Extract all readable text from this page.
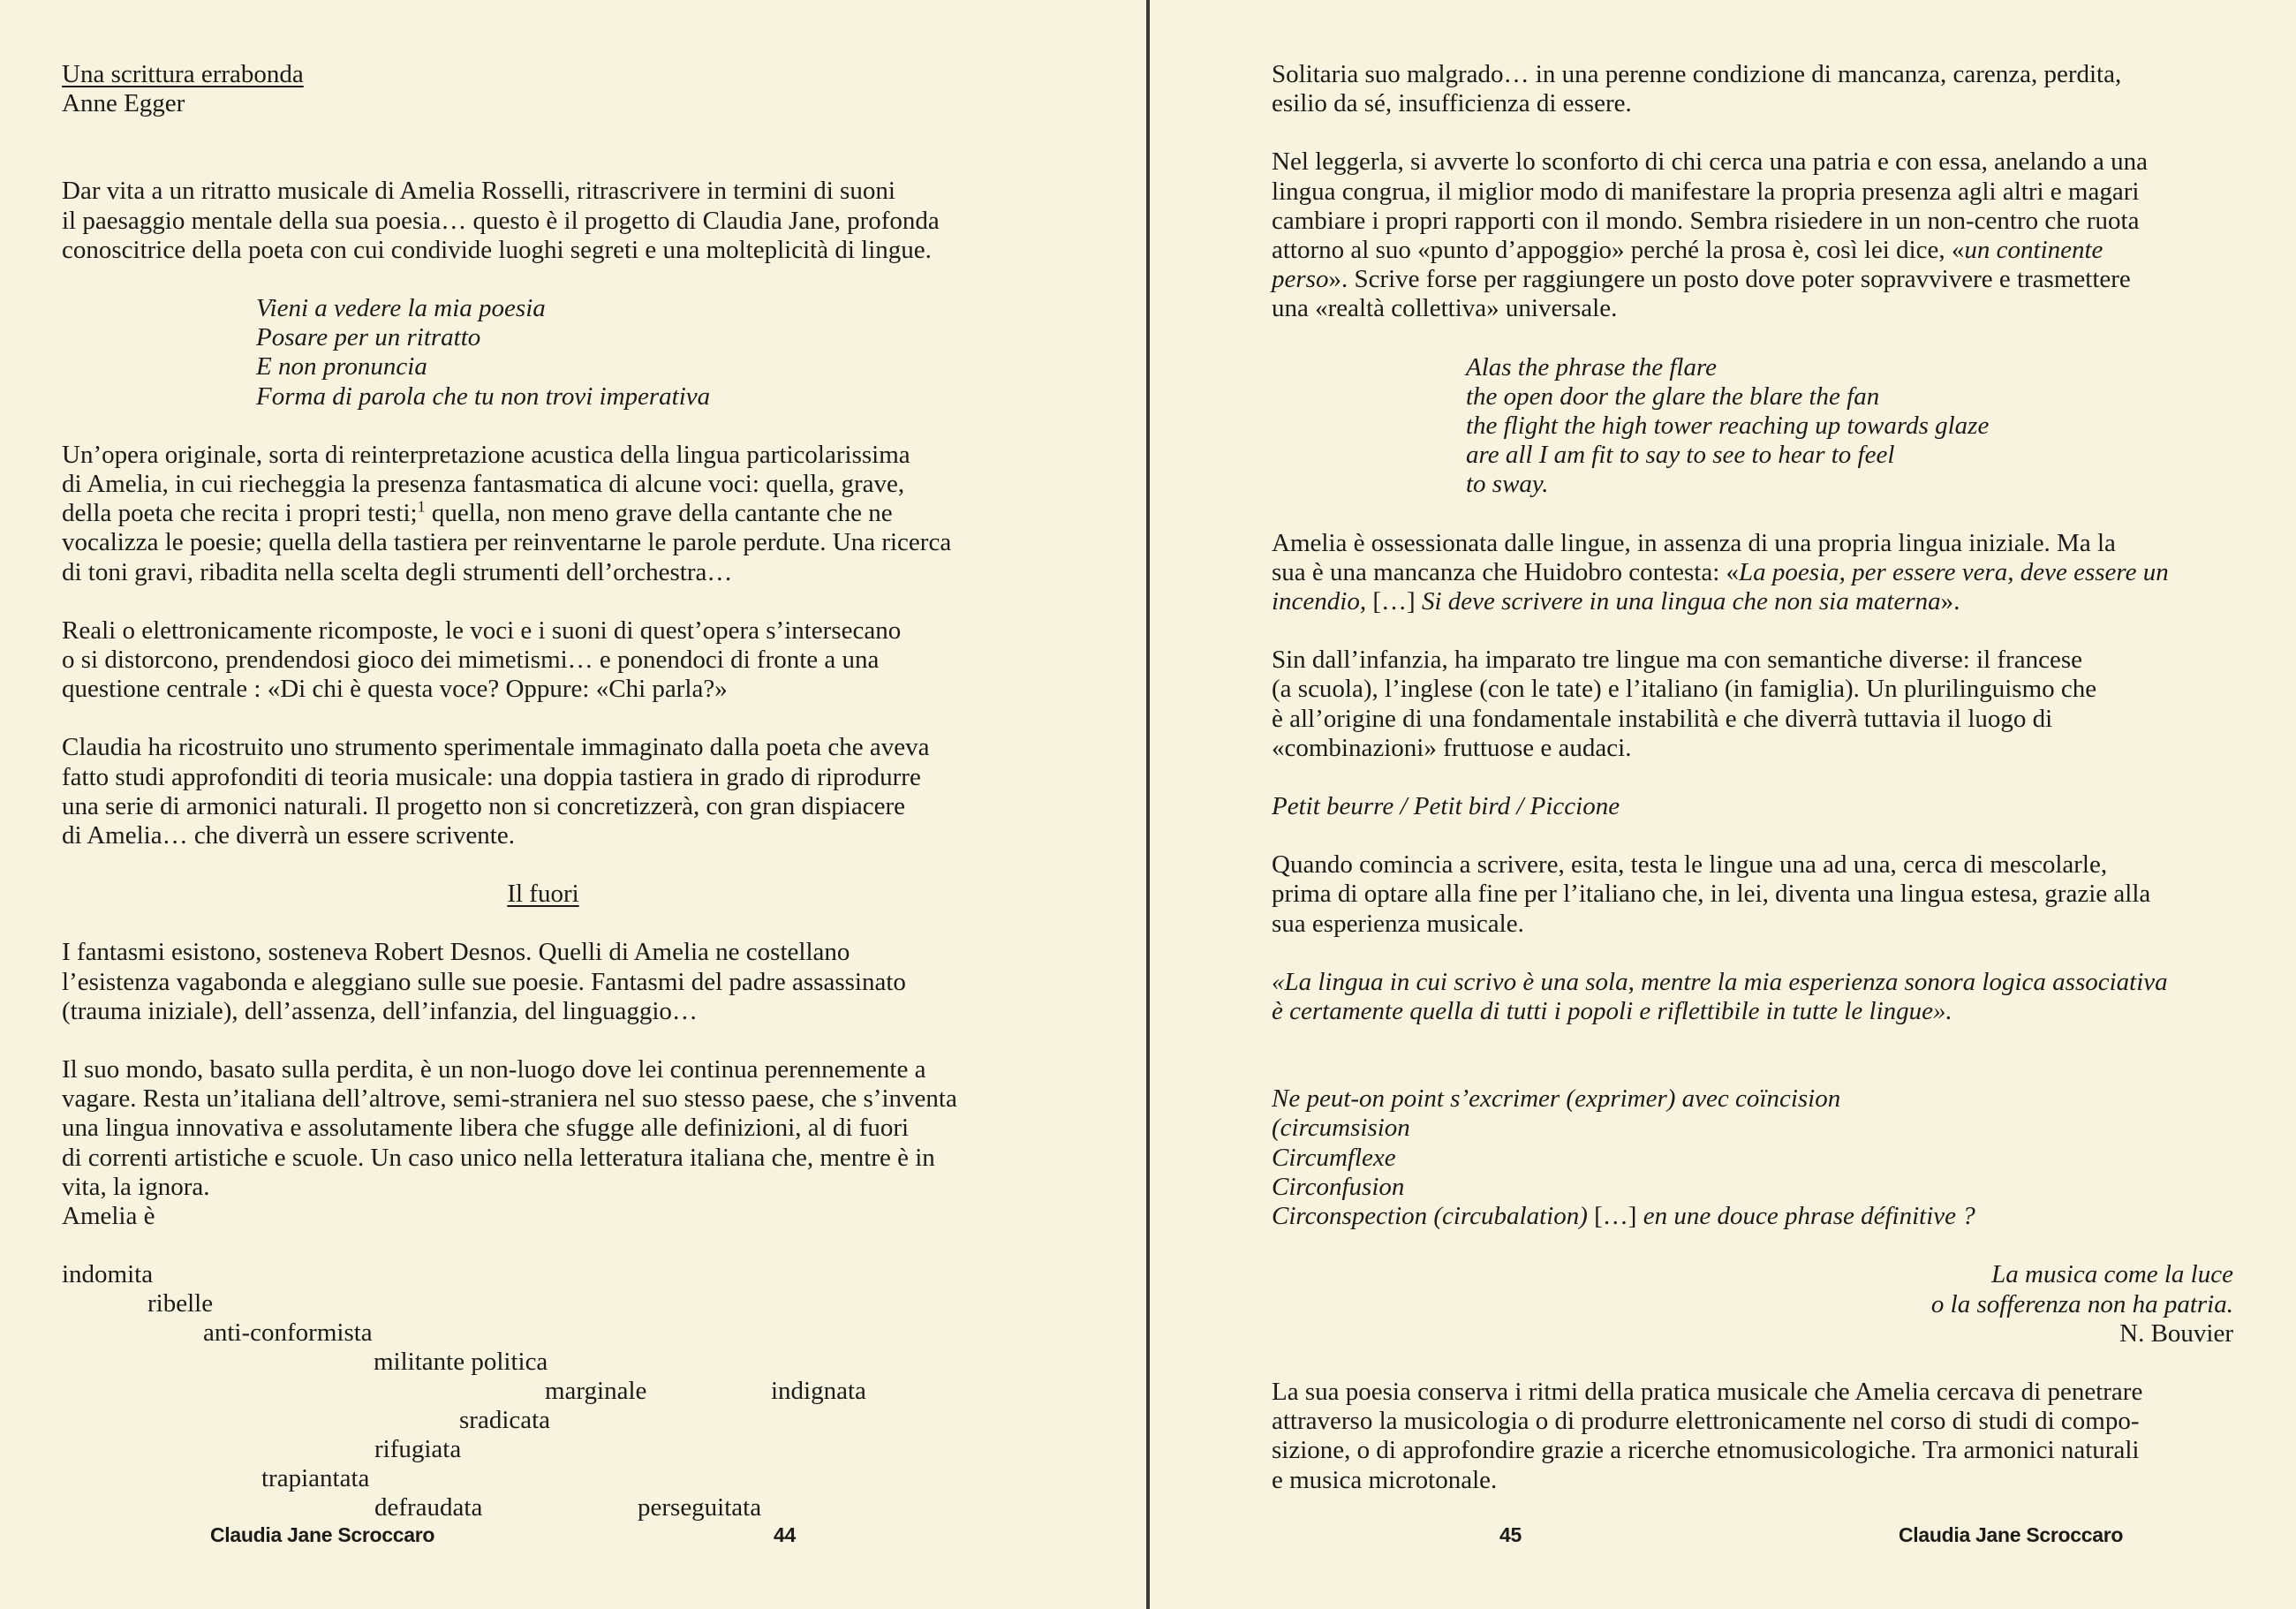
Una scrittura errabonda

Anne Egger

Dar vita a un ritratto musicale di Amelia Rosselli, ritrascrivere in termini di suoni

il paesaggio mentale della sua poesia… questo è il progetto di Claudia Jane, profonda

conoscitrice della poeta con cui condivide luoghi segreti e una molteplicità di lingue.

Vieni a vedere la mia poesia

Posare per un ritratto

E non pronuncia

Forma di parola che tu non trovi imperativa

Un’opera originale, sorta di reinterpretazione acustica della lingua particolarissima

di Amelia, in cui riecheggia la presenza fantasmatica di alcune voci: quella, grave,

della poeta che recita i propri testi;$^1$ quella, non meno grave della cantante che ne

vocalizza le poesie; quella della tastiera per reinventarne le parole perdute. Una ricerca

di toni gravi, ribadita nella scelta degli strumenti dell’orchestra…

Reali o elettronicamente ricomposte, le voci e i suoni di quest’opera s’intersecano

o si distorcono, prendendosi gioco dei mimetismi… e ponendoci di fronte a una

questione centrale : «Di chi è questa voce? Oppure: «Chi parla?»

Claudia ha ricostruito uno strumento sperimentale immaginato dalla poeta che aveva

fatto studi approfonditi di teoria musicale: una doppia tastiera in grado di riprodurre

una serie di armonici naturali. Il progetto non si concretizzerà, con gran dispiacere

di Amelia… che diverrà un essere scrivente.

Il fuori

I fantasmi esistono, sosteneva Robert Desnos. Quelli di Amelia ne costellano

l’esistenza vagabonda e aleggiano sulle sue poesie. Fantasmi del padre assassinato

(trauma iniziale), dell’assenza, dell’infanzia, del linguaggio…

Il suo mondo, basato sulla perdita, è un non-luogo dove lei continua perennemente a

vagare. Resta un’italiana dell’altrove, semi-straniera nel suo stesso paese, che s’inventa

una lingua innovativa e assolutamente libera che sfugge alle definizioni, al di fuori

di correnti artistiche e scuole. Un caso unico nella letteratura italiana che, mentre è in

vita, la ignora.

Amelia è

indomita
ribelle
anti-conformista
militante politica
marginale	indignata
sradicata
rifugiata
trapiantata
defraudata	perseguitata
Claudia Jane Scroccaro	44

Solitaria suo malgrado… in una perenne condizione di mancanza, carenza, perdita,

esilio da sé, insufficienza di essere.

Nel leggerla, si avverte lo sconforto di chi cerca una patria e con essa, anelando a una

lingua congrua, il miglior modo di manifestare la propria presenza agli altri e magari

cambiare i propri rapporti con il mondo. Sembra risiedere in un non-centro che ruota

attorno al suo «punto d’appoggio» perché la prosa è, così lei dice, «un continente

perso». Scrive forse per raggiungere un posto dove poter sopravvivere e trasmettere

una «realtà collettiva» universale.

Alas the phrase the flare

the open door the glare the blare the fan

the flight the high tower reaching up towards glaze

are all I am fit to say to see to hear to feel

to sway.

Amelia è ossessionata dalle lingue, in assenza di una propria lingua iniziale. Ma la

sua è una mancanza che Huidobro contesta: «La poesia, per essere vera, deve essere un

incendio, […] Si deve scrivere in una lingua che non sia materna».

Sin dall’infanzia, ha imparato tre lingue ma con semantiche diverse: il francese

(a scuola), l’inglese (con le tate) e l’italiano (in famiglia). Un plurilinguismo che

è all’origine di una fondamentale instabilità e che diverrà tuttavia il luogo di

«combinazioni» fruttuose e audaci.

Petit beurre / Petit bird / Piccione

Quando comincia a scrivere, esita, testa le lingue una ad una, cerca di mescolarle,

prima di optare alla fine per l’italiano che, in lei, diventa una lingua estesa, grazie alla

sua esperienza musicale.

«La lingua in cui scrivo è una sola, mentre la mia esperienza sonora logica associativa

è certamente quella di tutti i popoli e riflettibile in tutte le lingue».

Ne peut-on point s’excrimer (exprimer) avec coïncision

(circumsision

Circumflexe

Circonfusion

Circonspection (circubalation) […] en une douce phrase définitive ?

La musica come la luce

o la sofferenza non ha patria.

N. Bouvier

La sua poesia conserva i ritmi della pratica musicale che Amelia cercava di penetrare

attraverso la musicologia o di produrre elettronicamente nel corso di studi di compo-

sizione, o di approfondire grazie a ricerche etnomusicologiche. Tra armonici naturali

e musica microtonale.

45	Claudia Jane Scroccaro
